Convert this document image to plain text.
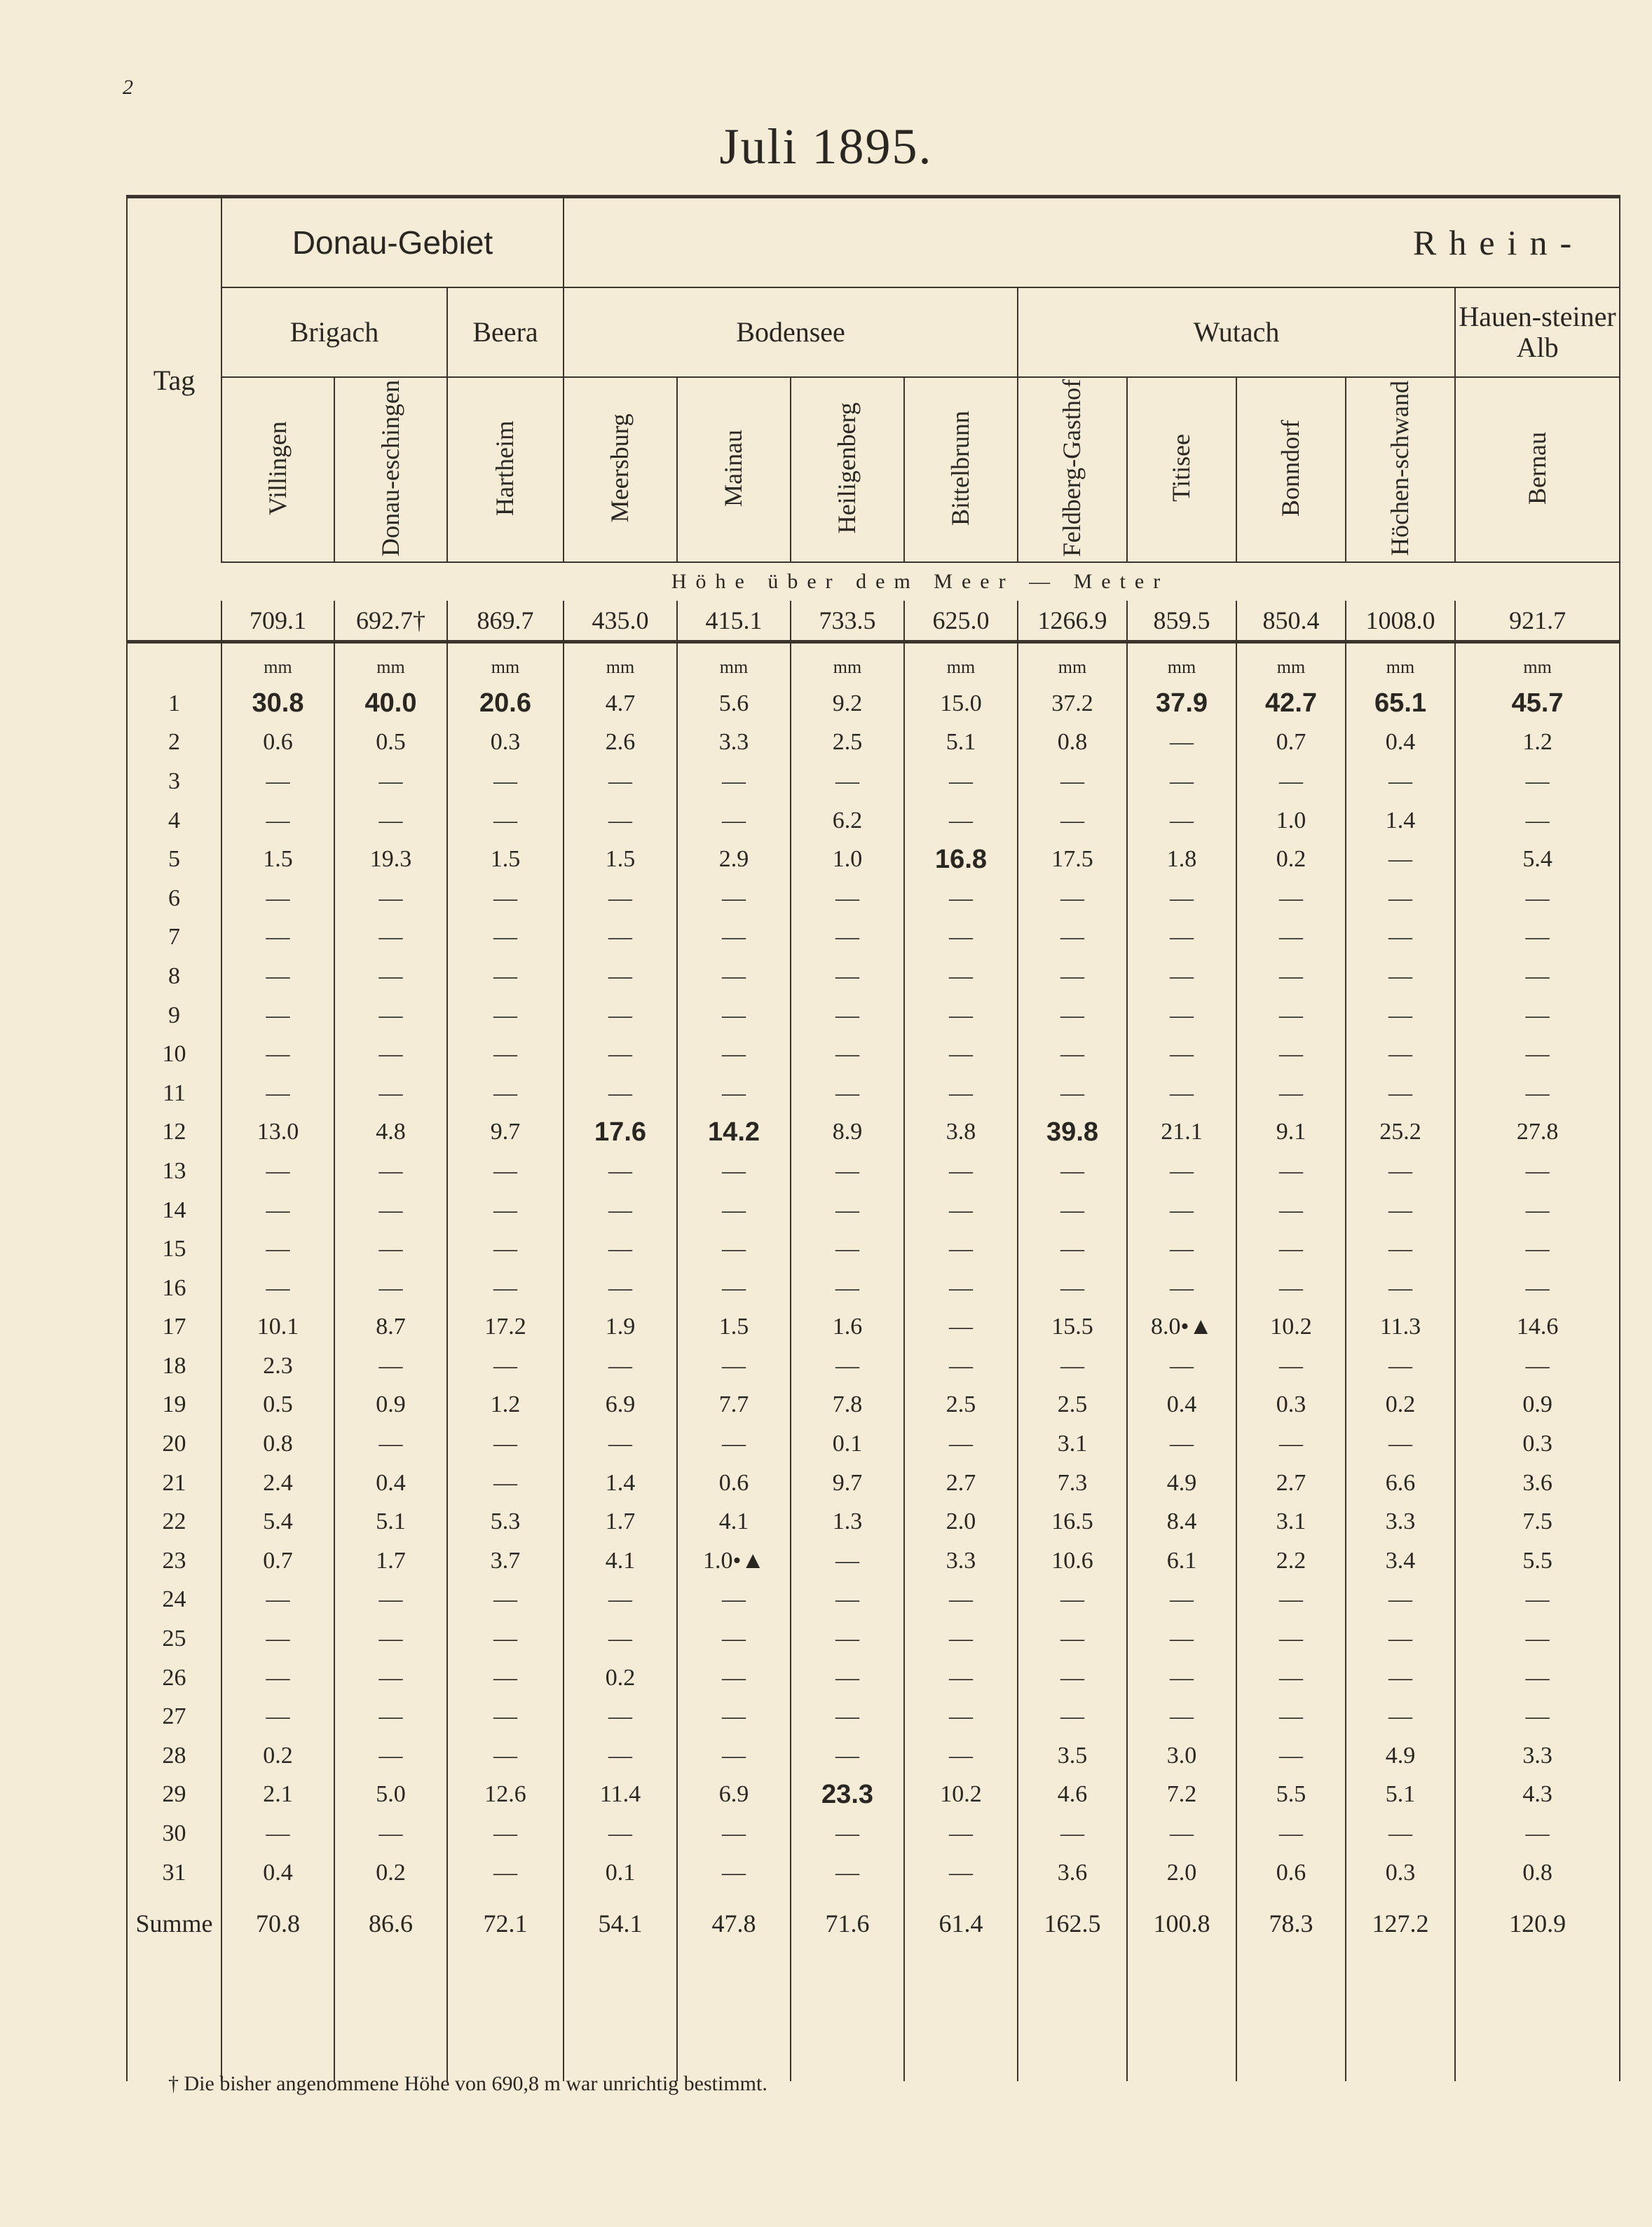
2
Juli 1895.
Tag	Donau-Gebiet			Rhein-								
	Brigach		Beera	Bodensee				Wutach				Hauen-steiner Alb
	Villingen	Donau-eschingen	Hartheim	Meersburg	Mainau	Heiligenberg	Bittelbrunn	Feldberg-Gasthof	Titisee	Bonndorf	Höchen-schwand	Bernau
	Höhe über dem Meer — Meter											
	709.1	692.7†	869.7	435.0	415.1	733.5	625.0	1266.9	859.5	850.4	1008.0	921.7
	mm	mm	mm	mm	mm	mm	mm	mm	mm	mm	mm	mm
1	30.8	40.0	20.6	4.7	5.6	9.2	15.0	37.2	37.9	42.7	65.1	45.7
2	0.6	0.5	0.3	2.6	3.3	2.5	5.1	0.8	—	0.7	0.4	1.2
3	—	—	—	—	—	—	—	—	—	—	—	—
4	—	—	—	—	—	6.2	—	—	—	1.0	1.4	—
5	1.5	19.3	1.5	1.5	2.9	1.0	16.8	17.5	1.8	0.2	—	5.4
6	—	—	—	—	—	—	—	—	—	—	—	—
7	—	—	—	—	—	—	—	—	—	—	—	—
8	—	—	—	—	—	—	—	—	—	—	—	—
9	—	—	—	—	—	—	—	—	—	—	—	—
10	—	—	—	—	—	—	—	—	—	—	—	—
11	—	—	—	—	—	—	—	—	—	—	—	—
12	13.0	4.8	9.7	17.6	14.2	8.9	3.8	39.8	21.1	9.1	25.2	27.8
13	—	—	—	—	—	—	—	—	—	—	—	—
14	—	—	—	—	—	—	—	—	—	—	—	—
15	—	—	—	—	—	—	—	—	—	—	—	—
16	—	—	—	—	—	—	—	—	—	—	—	—
17	10.1	8.7	17.2	1.9	1.5	1.6	—	15.5	8.0•▲	10.2	11.3	14.6
18	2.3	—	—	—	—	—	—	—	—	—	—	—
19	0.5	0.9	1.2	6.9	7.7	7.8	2.5	2.5	0.4	0.3	0.2	0.9
20	0.8	—	—	—	—	0.1	—	3.1	—	—	—	0.3
21	2.4	0.4	—	1.4	0.6	9.7	2.7	7.3	4.9	2.7	6.6	3.6
22	5.4	5.1	5.3	1.7	4.1	1.3	2.0	16.5	8.4	3.1	3.3	7.5
23	0.7	1.7	3.7	4.1	1.0•▲	—	3.3	10.6	6.1	2.2	3.4	5.5
24	—	—	—	—	—	—	—	—	—	—	—	—
25	—	—	—	—	—	—	—	—	—	—	—	—
26	—	—	—	0.2	—	—	—	—	—	—	—	—
27	—	—	—	—	—	—	—	—	—	—	—	—
28	0.2	—	—	—	—	—	—	3.5	3.0	—	4.9	3.3
29	2.1	5.0	12.6	11.4	6.9	23.3	10.2	4.6	7.2	5.5	5.1	4.3
30	—	—	—	—	—	—	—	—	—	—	—	—
31	0.4	0.2	—	0.1	—	—	—	3.6	2.0	0.6	0.3	0.8
Summe	70.8	86.6	72.1	54.1	47.8	71.6	61.4	162.5	100.8	78.3	127.2	120.9

† Die bisher angenommene Höhe von 690,8 m war unrichtig bestimmt.
